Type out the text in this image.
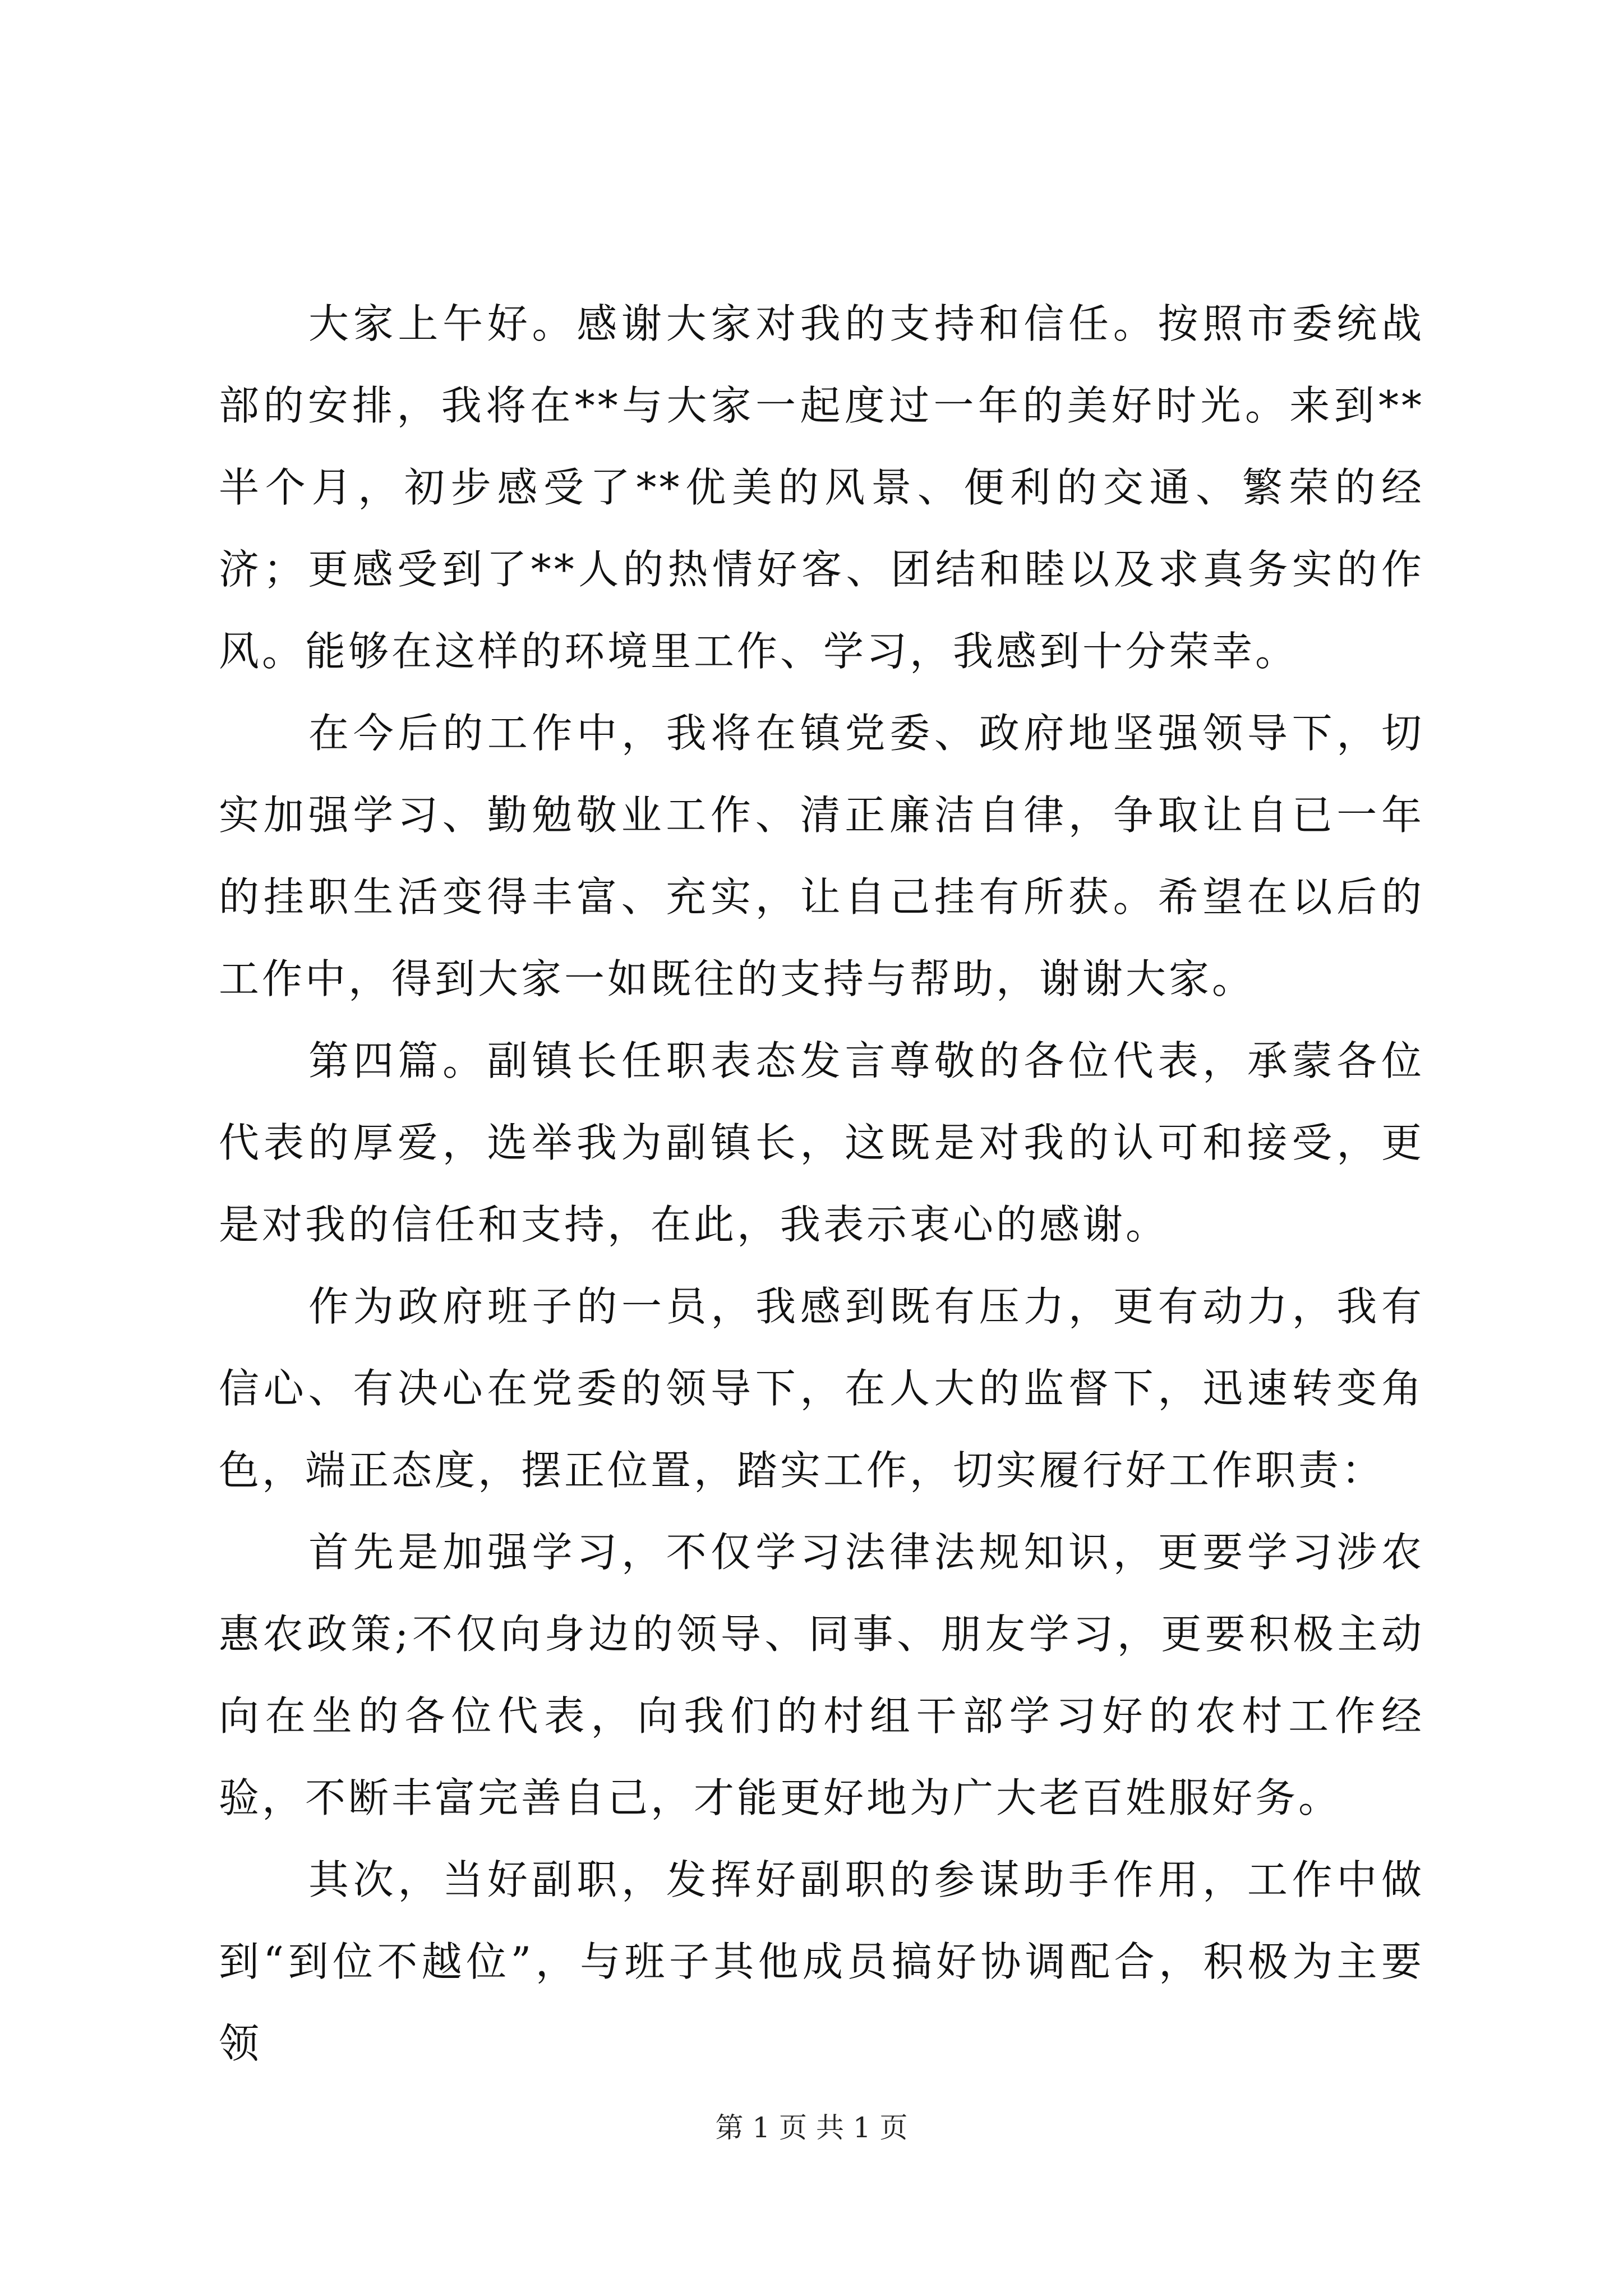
大家上午好。感谢大家对我的支持和信任。按照市委统战部的安排，我将在**与大家一起度过一年的美好时光。来到**半个月，初步感受了**优美的风景、便利的交通、繁荣的经济；更感受到了**人的热情好客、团结和睦以及求真务实的作风。能够在这样的环境里工作、学习，我感到十分荣幸。

在今后的工作中，我将在镇党委、政府地坚强领导下，切实加强学习、勤勉敬业工作、清正廉洁自律，争取让自已一年的挂职生活变得丰富、充实，让自己挂有所获。希望在以后的工作中，得到大家一如既往的支持与帮助，谢谢大家。

第四篇。副镇长任职表态发言尊敬的各位代表，承蒙各位代表的厚爱，选举我为副镇长，这既是对我的认可和接受，更是对我的信任和支持，在此，我表示衷心的感谢。

作为政府班子的一员，我感到既有压力，更有动力，我有信心、有决心在党委的领导下，在人大的监督下，迅速转变角色，端正态度，摆正位置，踏实工作，切实履行好工作职责：

首先是加强学习，不仅学习法律法规知识，更要学习涉农惠农政策;不仅向身边的领导、同事、朋友学习，更要积极主动向在坐的各位代表，向我们的村组干部学习好的农村工作经验，不断丰富完善自己，才能更好地为广大老百姓服好务。

其次，当好副职，发挥好副职的参谋助手作用，工作中做到“到位不越位”，与班子其他成员搞好协调配合，积极为主要领

第 1 页 共 1 页
